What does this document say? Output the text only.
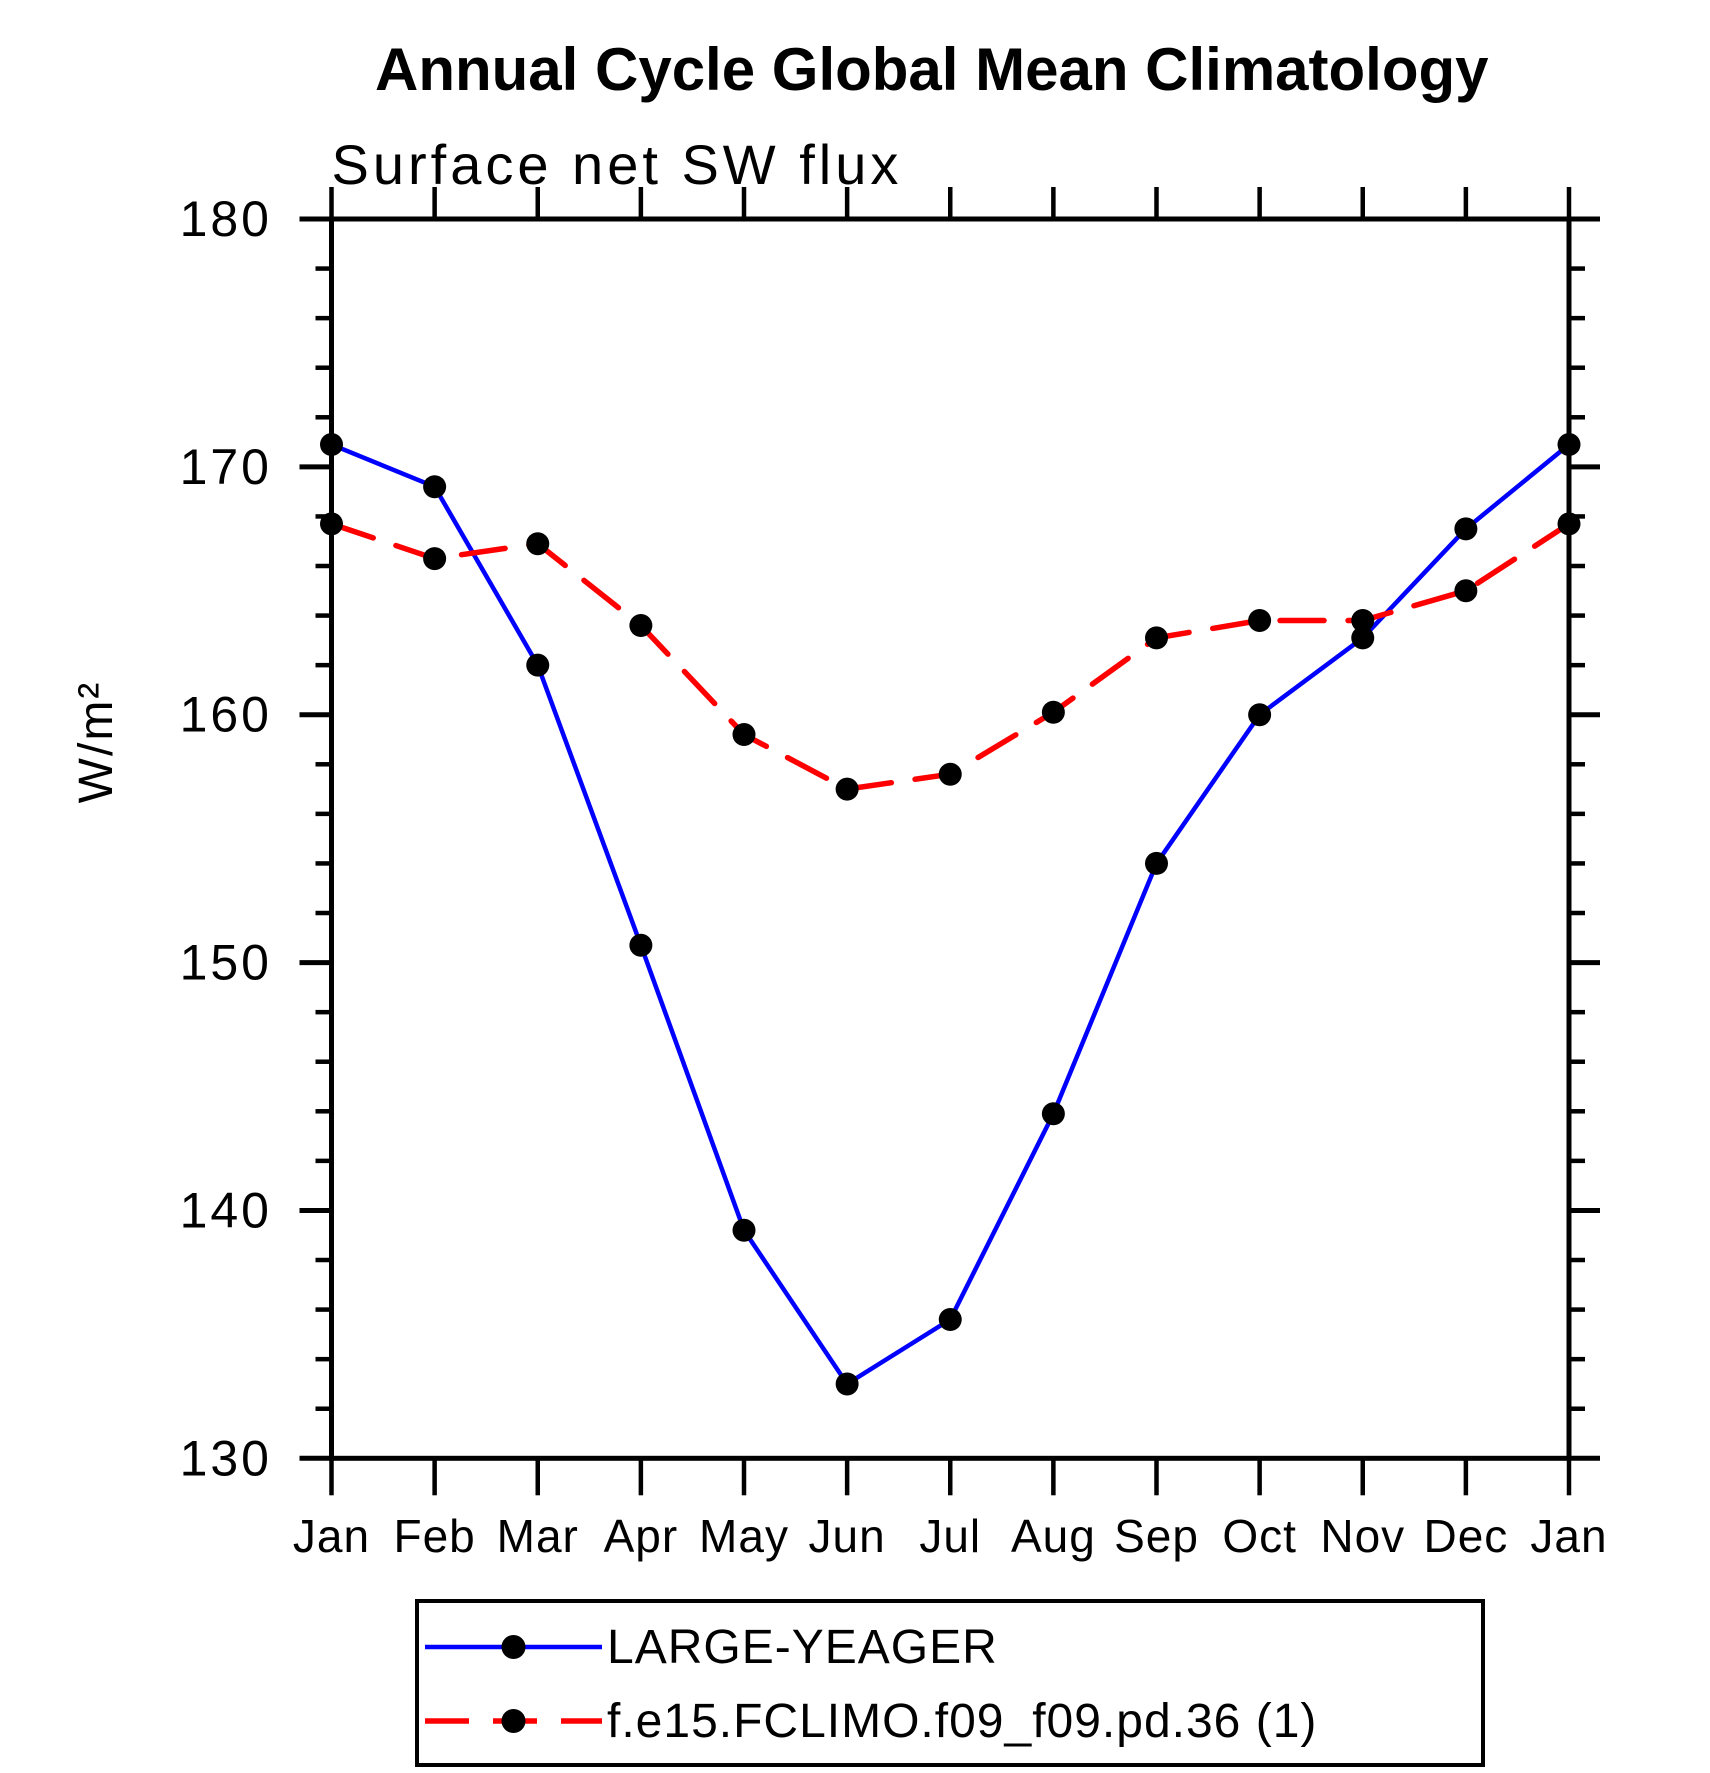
Annual Cycle Global Mean Climatology
Surface net SW flux
180
170
160
150
140
130
Jan Feb Mar Apr May Jun Jul Aug Sep Oct Nov Dec Jan
W/m²
LARGE-YEAGER
f.e15.FCLIMO.f09_f09.pd.36 (1)
